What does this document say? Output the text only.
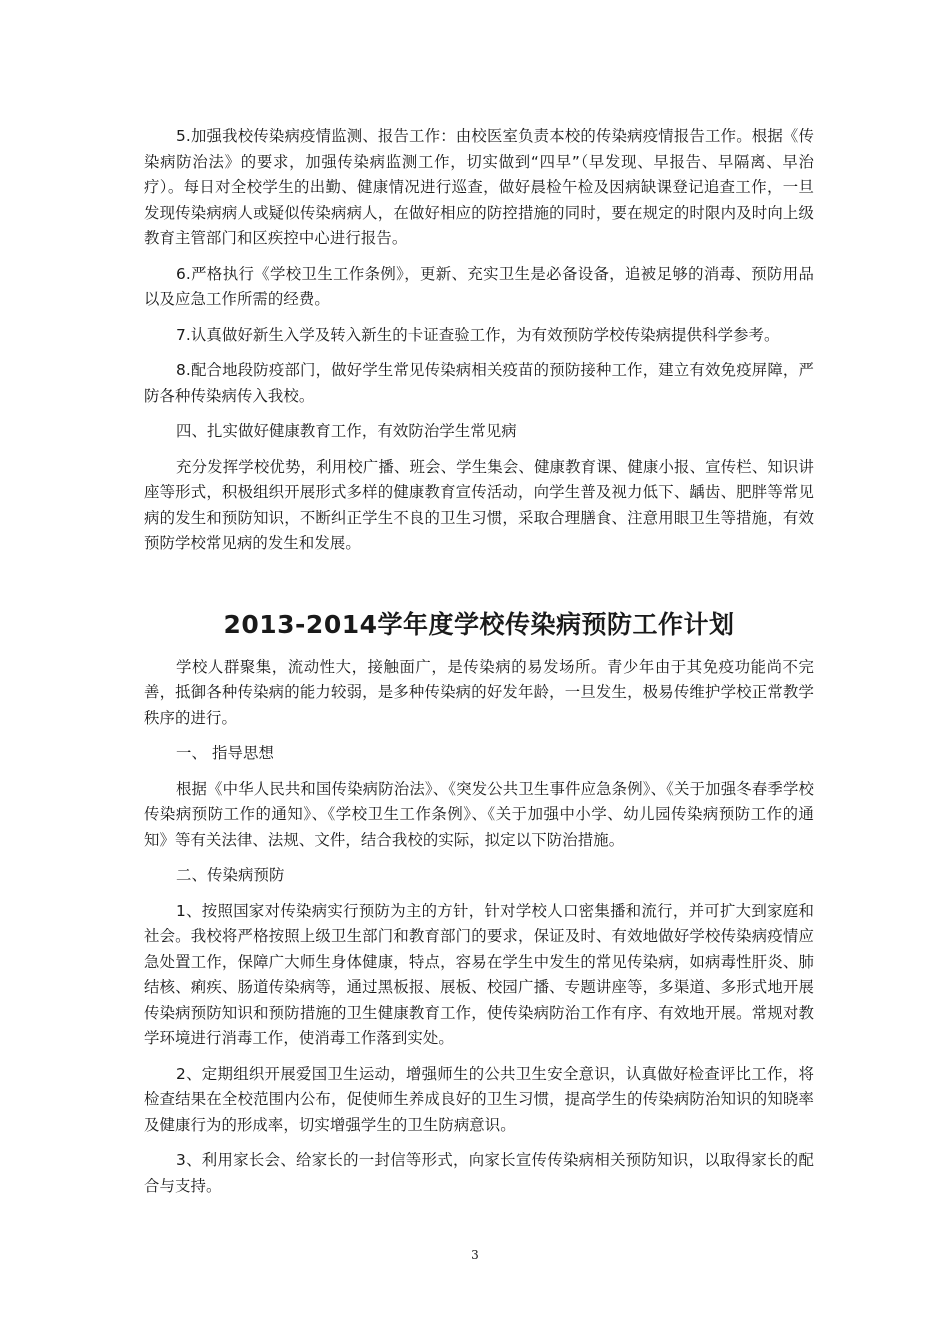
5.加强我校传染病疫情监测、报告工作：由校医室负责本校的传染病疫情报告工作。根据《传染病防治法》的要求，加强传染病监测工作，切实做到“四早”（早发现、早报告、早隔离、早治疗）。每日对全校学生的出勤、健康情况进行巡查，做好晨检午检及因病缺课登记追查工作，一旦发现传染病病人或疑似传染病病人，在做好相应的防控措施的同时，要在规定的时限内及时向上级教育主管部门和区疾控中心进行报告。

6.严格执行《学校卫生工作条例》，更新、充实卫生是必备设备，追被足够的消毒、预防用品以及应急工作所需的经费。

7.认真做好新生入学及转入新生的卡证查验工作，为有效预防学校传染病提供科学参考。

8.配合地段防疫部门，做好学生常见传染病相关疫苗的预防接种工作，建立有效免疫屏障，严防各种传染病传入我校。

四、扎实做好健康教育工作，有效防治学生常见病

充分发挥学校优势，利用校广播、班会、学生集会、健康教育课、健康小报、宣传栏、知识讲座等形式，积极组织开展形式多样的健康教育宣传活动，向学生普及视力低下、龋齿、肥胖等常见病的发生和预防知识，不断纠正学生不良的卫生习惯，采取合理膳食、注意用眼卫生等措施，有效预防学校常见病的发生和发展。

2013-2014学年度学校传染病预防工作计划

学校人群聚集，流动性大，接触面广，是传染病的易发场所。青少年由于其免疫功能尚不完善，抵御各种传染病的能力较弱，是多种传染病的好发年龄，一旦发生，极易传维护学校正常教学秩序的进行。

一、 指导思想

根据《中华人民共和国传染病防治法》、《突发公共卫生事件应急条例》、《关于加强冬春季学校传染病预防工作的通知》、《学校卫生工作条例》、《关于加强中小学、幼儿园传染病预防工作的通知》等有关法律、法规、文件，结合我校的实际，拟定以下防治措施。

二、传染病预防

1、按照国家对传染病实行预防为主的方针，针对学校人口密集播和流行，并可扩大到家庭和社会。我校将严格按照上级卫生部门和教育部门的要求，保证及时、有效地做好学校传染病疫情应急处置工作，保障广大师生身体健康，特点，容易在学生中发生的常见传染病，如病毒性肝炎、肺结核、痢疾、肠道传染病等，通过黑板报、展板、校园广播、专题讲座等，多渠道、多形式地开展传染病预防知识和预防措施的卫生健康教育工作，使传染病防治工作有序、有效地开展。常规对教学环境进行消毒工作，使消毒工作落到实处。

2、定期组织开展爱国卫生运动，增强师生的公共卫生安全意识，认真做好检查评比工作，将检查结果在全校范围内公布，促使师生养成良好的卫生习惯，提高学生的传染病防治知识的知晓率及健康行为的形成率，切实增强学生的卫生防病意识。

3、利用家长会、给家长的一封信等形式，向家长宣传传染病相关预防知识，以取得家长的配合与支持。

3
